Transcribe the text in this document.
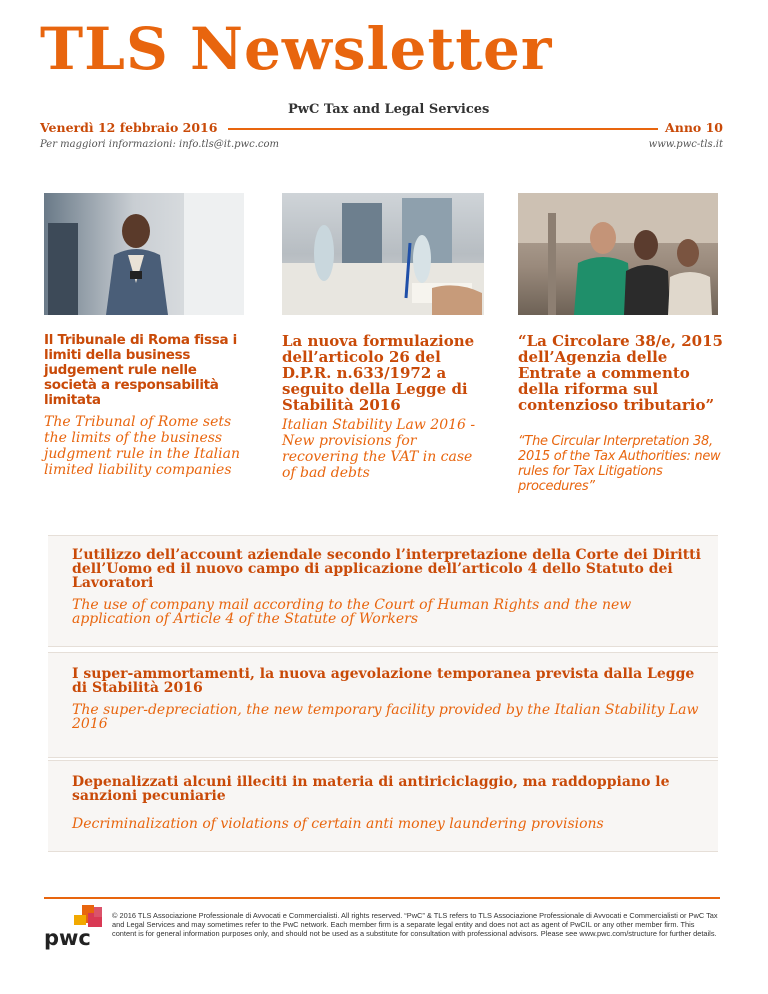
TLS Newsletter
PwC Tax and Legal Services
Venerdì 12 febbraio 2016	Anno 10
Per maggiori informazioni: info.tls@it.pwc.com	www.pwc-tls.it
Il Tribunale di Roma fissa i limiti della business judgement rule nelle società a responsabilità limitata
The Tribunal of Rome sets the limits of the business judgment rule in the Italian limited liability companies
La nuova formulazione dell’articolo 26 del D.P.R. n.633/1972 a seguito della Legge di Stabilità 2016
Italian Stability Law 2016 - New provisions for recovering the VAT in case of bad debts
“La Circolare 38/e, 2015 dell’Agenzia delle Entrate a commento della riforma sul contenzioso tributario”
“The Circular Interpretation 38, 2015 of the Tax Authorities: new rules for Tax Litigations procedures”
L’utilizzo dell’account aziendale secondo l’interpretazione della Corte dei Diritti dell’Uomo ed il nuovo campo di applicazione dell’articolo 4 dello Statuto dei Lavoratori
The use of company mail according to the Court of Human Rights and the new application of Article 4 of the Statute of Workers
I super-ammortamenti, la nuova agevolazione temporanea prevista dalla Legge di Stabilità 2016
The super-depreciation, the new temporary facility provided by the Italian Stability Law 2016
Depenalizzati alcuni illeciti in materia di antiriciclaggio, ma raddoppiano le sanzioni pecuniarie
Decriminalization of violations of certain anti money laundering provisions
pwc
© 2016 TLS Associazione Professionale di Avvocati e Commercialisti. All rights reserved. “PwC” & TLS refers to TLS Associazione Professionale di Avvocati e Commercialisti or PwC Tax and Legal Services and may sometimes refer to the PwC network. Each member firm is a separate legal entity and does not act as agent of PwCIL or any other member firm. This content is for general information purposes only, and should not be used as a substitute for consultation with professional advisors. Please see www.pwc.com/structure for further details.
